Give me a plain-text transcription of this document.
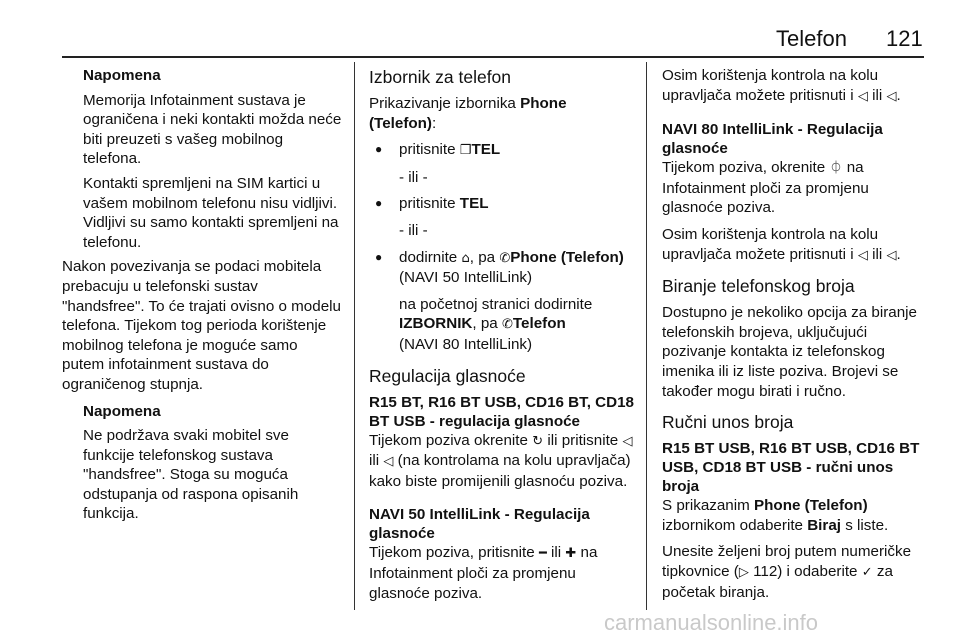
Telefon 121

Napomena

Memorija Infotainment sustava je ograničena i neki kontakti možda neće biti preuzeti s vašeg mobilnog telefona.

Kontakti spremljeni na SIM kartici u vašem mobilnom telefonu nisu vidljivi. Vidljivi su samo kontakti spremljeni na telefonu.

Nakon povezivanja se podaci mobitela prebacuju u telefonski sustav "handsfree". To će trajati ovisno o modelu telefona. Tijekom tog perioda korištenje mobilnog telefona je moguće samo putem infotainment sustava do ograničenog stupnja.

Napomena

Ne podržava svaki mobitel sve funkcije telefonskog sustava "handsfree". Stoga su moguća odstupanja od raspona opisanih funkcija.

Izbornik za telefon

Prikazivanje izbornika Phone (Telefon):

● pritisnite ❒TEL

- ili -

● pritisnite TEL

- ili -

● dodirnite ⌂, pa ✆Phone (Telefon) (NAVI 50 IntelliLink)

na početnoj stranici dodirnite IZBORNIK, pa ✆Telefon
(NAVI 80 IntelliLink)

Regulacija glasnoće
R15 BT, R16 BT USB, CD16 BT, CD18 BT USB - regulacija glasnoće

Tijekom poziva okrenite ↻ ili pritisnite ◁ ili ◁ (na kontrolama na kolu upravljača) kako biste promijenili glasnoću poziva.

NAVI 50 IntelliLink - Regulacija glasnoće

Tijekom poziva, pritisnite ━ ili ✚ na Infotainment ploči za promjenu glasnoće poziva.

Osim korištenja kontrola na kolu upravljača možete pritisnuti i ◁ ili ◁.

NAVI 80 IntelliLink - Regulacija glasnoće

Tijekom poziva, okrenite ⏀ na Infotainment ploči za promjenu glasnoće poziva.

Osim korištenja kontrola na kolu upravljača možete pritisnuti i ◁ ili ◁.

Biranje telefonskog broja

Dostupno je nekoliko opcija za biranje telefonskih brojeva, uključujući pozivanje kontakta iz telefonskog imenika ili iz liste poziva. Brojevi se također mogu birati i ručno.

Ručni unos broja
R15 BT USB, R16 BT USB, CD16 BT USB, CD18 BT USB - ručni unos broja

S prikazanim Phone (Telefon) izbornikom odaberite Biraj s liste.

Unesite željeni broj putem numeričke tipkovnice (▷ 112) i odaberite ✓ za početak biranja.

carmanualsonline.info
